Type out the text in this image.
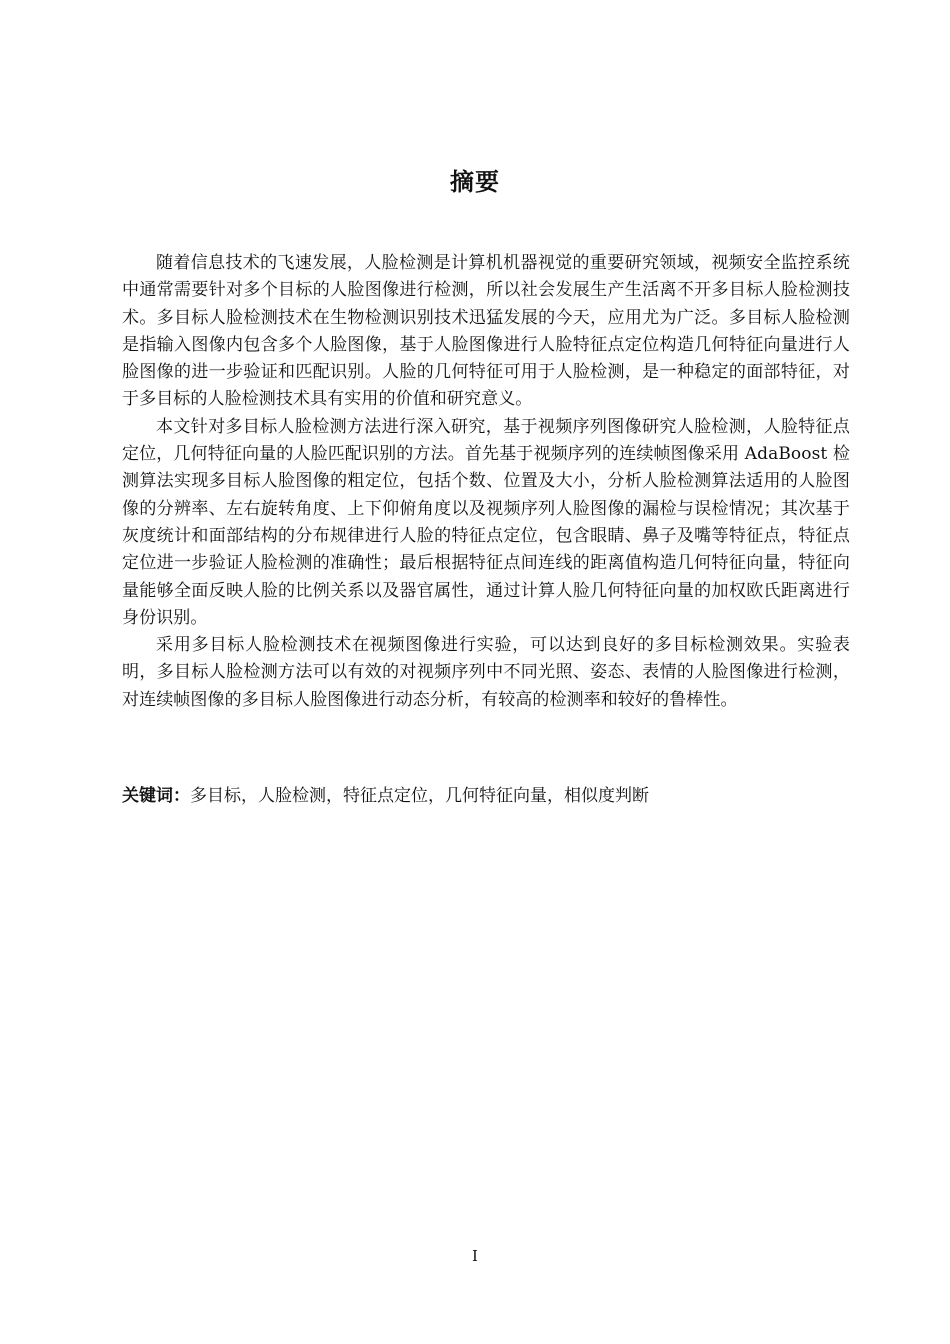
摘要

随着信息技术的飞速发展，人脸检测是计算机机器视觉的重要研究领域，视频安全监控系统中通常需要针对多个目标的人脸图像进行检测，所以社会发展生产生活离不开多目标人脸检测技术。多目标人脸检测技术在生物检测识别技术迅猛发展的今天，应用尤为广泛。多目标人脸检测是指输入图像内包含多个人脸图像，基于人脸图像进行人脸特征点定位构造几何特征向量进行人脸图像的进一步验证和匹配识别。人脸的几何特征可用于人脸检测，是一种稳定的面部特征，对于多目标的人脸检测技术具有实用的价值和研究意义。

本文针对多目标人脸检测方法进行深入研究，基于视频序列图像研究人脸检测，人脸特征点定位，几何特征向量的人脸匹配识别的方法。首先基于视频序列的连续帧图像采用 AdaBoost 检测算法实现多目标人脸图像的粗定位，包括个数、位置及大小，分析人脸检测算法适用的人脸图像的分辨率、左右旋转角度、上下仰俯角度以及视频序列人脸图像的漏检与误检情况；其次基于灰度统计和面部结构的分布规律进行人脸的特征点定位，包含眼睛、鼻子及嘴等特征点，特征点定位进一步验证人脸检测的准确性；最后根据特征点间连线的距离值构造几何特征向量，特征向量能够全面反映人脸的比例关系以及器官属性，通过计算人脸几何特征向量的加权欧氏距离进行身份识别。

采用多目标人脸检测技术在视频图像进行实验，可以达到良好的多目标检测效果。实验表明，多目标人脸检测方法可以有效的对视频序列中不同光照、姿态、表情的人脸图像进行检测，对连续帧图像的多目标人脸图像进行动态分析，有较高的检测率和较好的鲁棒性。

关键词：多目标，人脸检测，特征点定位，几何特征向量，相似度判断

I
